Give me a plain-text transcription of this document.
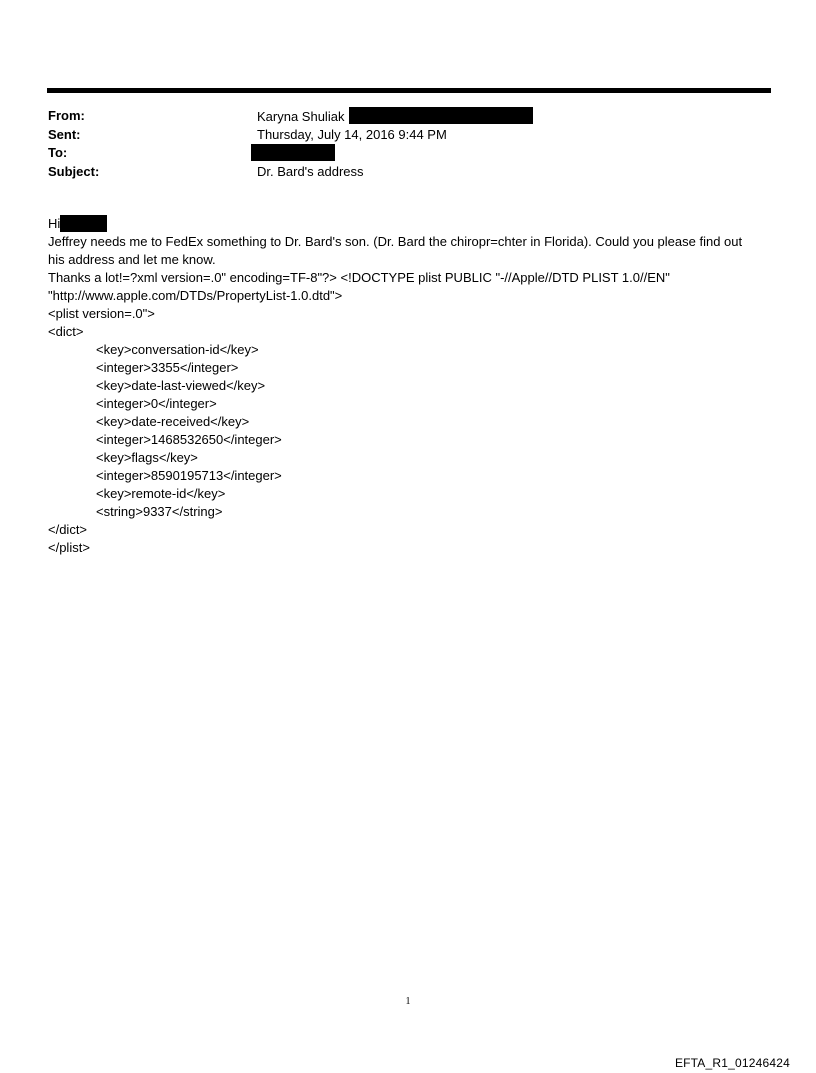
From:	Karyna Shuliak
Sent:	Thursday, July 14, 2016 9:44 PM
To:
Subject:	Dr. Bard's address
Hi
Jeffrey needs me to FedEx something to Dr. Bard's son. (Dr. Bard the chiropr=chter in Florida). Could you please find out
his address and let me know.
Thanks a lot!=?xml version=.0" encoding=TF-8"?> <!DOCTYPE plist PUBLIC "-//Apple//DTD PLIST 1.0//EN"
"http://www.apple.com/DTDs/PropertyList-1.0.dtd">
<plist version=.0">
<dict>
<key>conversation-id</key>
<integer>3355</integer>
<key>date-last-viewed</key>
<integer>0</integer>
<key>date-received</key>
<integer>1468532650</integer>
<key>flags</key>
<integer>8590195713</integer>
<key>remote-id</key>
<string>9337</string>
</dict>
</plist>
1
EFTA_R1_01246424
